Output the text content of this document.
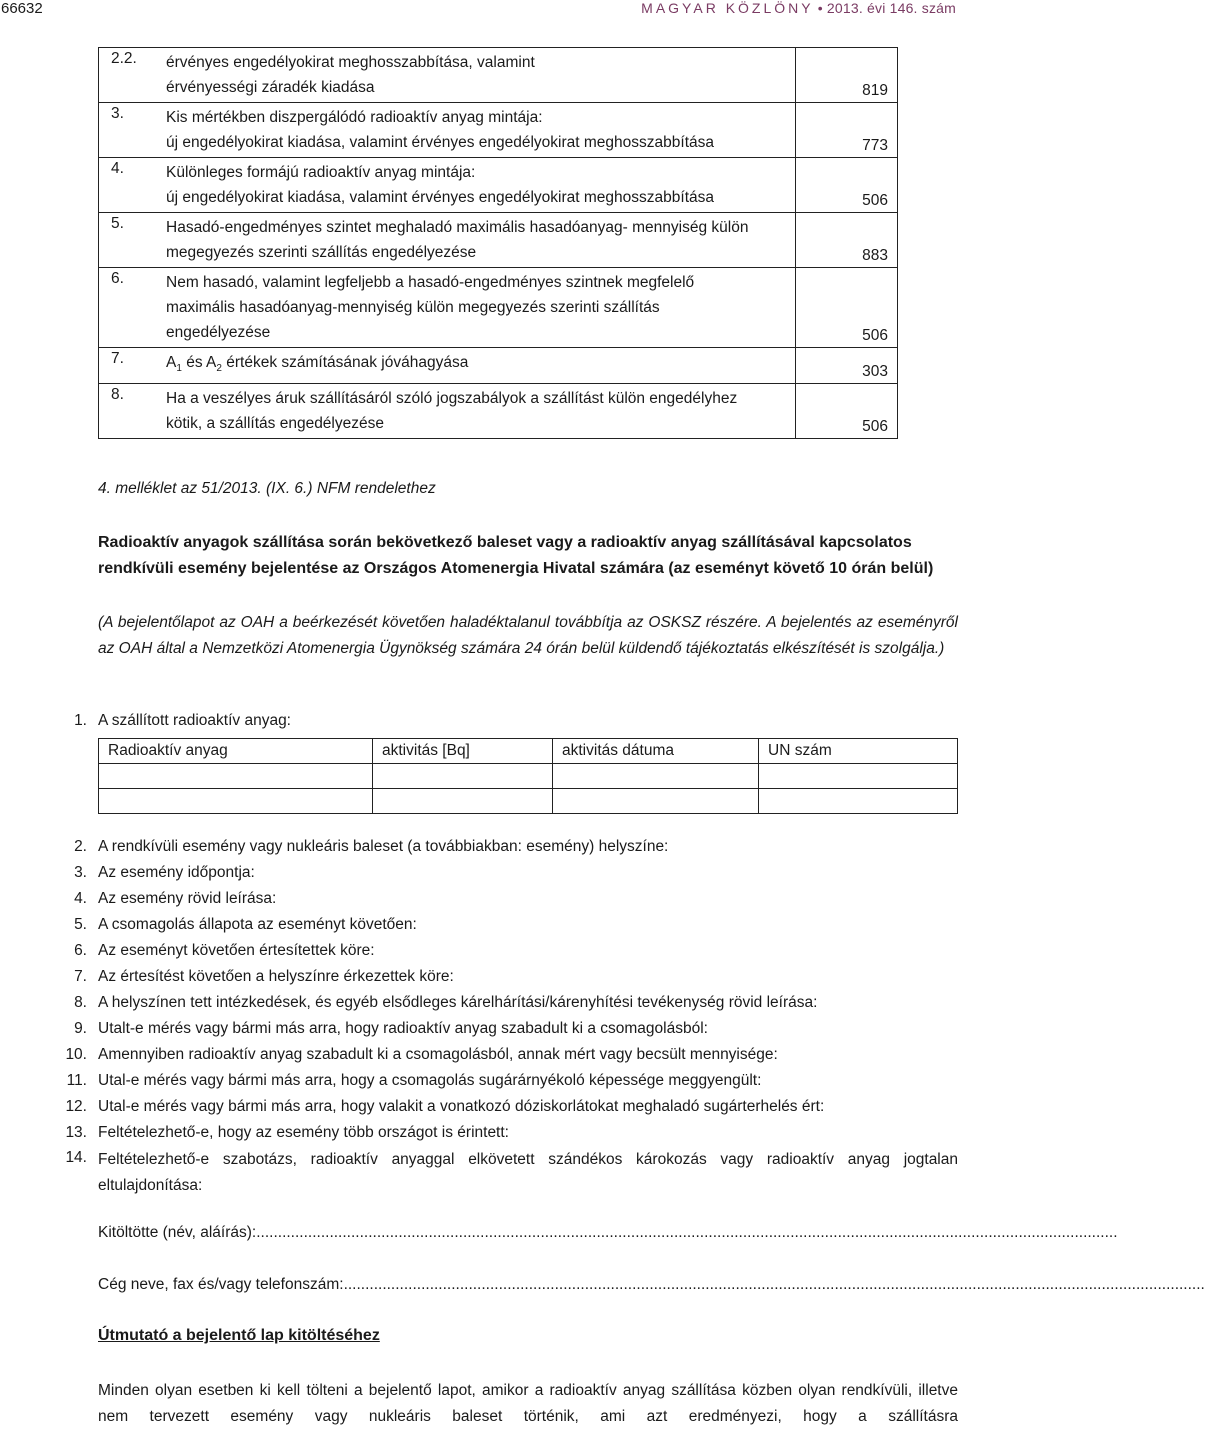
66632	MAGYAR KÖZLÖNY • 2013. évi 146. szám
2.2. érvényes engedélyokirat meghosszabbítása, valamint
érvényességi záradék kiadása	819

3. Kis mértékben diszpergálódó radioaktív anyag mintája:
új engedélyokirat kiadása, valamint érvényes engedélyokirat meghosszabbítása	773

4. Különleges formájú radioaktív anyag mintája:
új engedélyokirat kiadása, valamint érvényes engedélyokirat meghosszabbítása	506

5. Hasadó-engedményes szintet meghaladó maximális hasadóanyag- mennyiség külön
megegyezés szerinti szállítás engedélyezése	883

6. Nem hasadó, valamint legfeljebb a hasadó-engedményes szintnek megfelelő
maximális hasadóanyag-mennyiség külön megegyezés szerinti szállítás
engedélyezése	506

7. $A_1$ és $A_2$ értékek számításának jóváhagyása	303

8. Ha a veszélyes áruk szállításáról szóló jogszabályok a szállítást külön engedélyhez
kötik, a szállítás engedélyezése	506
4. melléklet az 51/2013. (IX. 6.) NFM rendelethez
Radioaktív anyagok szállítása során bekövetkező baleset vagy a radioaktív anyag szállításával kapcsolatos rendkívüli esemény bejelentése az Országos Atomenergia Hivatal számára (az eseményt követő 10 órán belül)
(A bejelentőlapot az OAH a beérkezését követően haladéktalanul továbbítja az OSKSZ részére. A bejelentés az eseményről az OAH által a Nemzetközi Atomenergia Ügynökség számára 24 órán belül küldendő tájékoztatás elkészítését is szolgálja.)
1. A szállított radioaktív anyag:
2. A rendkívüli esemény vagy nukleáris baleset (a továbbiakban: esemény) helyszíne:
3. Az esemény időpontja:
4. Az esemény rövid leírása:
5. A csomagolás állapota az eseményt követően:
6. Az eseményt követően értesítettek köre:
7. Az értesítést követően a helyszínre érkezettek köre:
8. A helyszínen tett intézkedések, és egyéb elsődleges kárelhárítási/kárenyhítési tevékenység rövid leírása:
9. Utalt-e mérés vagy bármi más arra, hogy radioaktív anyag szabadult ki a csomagolásból:
10. Amennyiben radioaktív anyag szabadult ki a csomagolásból, annak mért vagy becsült mennyisége:
11. Utal-e mérés vagy bármi más arra, hogy a csomagolás sugárárnyékoló képessége meggyengült:
12. Utal-e mérés vagy bármi más arra, hogy valakit a vonatkozó dóziskorlátokat meghaladó sugárterhelés ért:
13. Feltételezhető-e, hogy az esemény több országot is érintett:
14. Feltételezhető-e szabotázs, radioaktív anyaggal elkövetett szándékos károkozás vagy radioaktív anyag jogtalan eltulajdonítása:
Radioaktív anyag	aktivitás [Bq]	aktivitás dátuma	UN szám

Kitöltötte (név, aláírás):........................................................................................................................................................................................................
Cég neve, fax és/vagy telefonszám:........................................................................................................................................................................................................
Útmutató a bejelentő lap kitöltéséhez
Minden olyan esetben ki kell tölteni a bejelentő lapot, amikor a radioaktív anyag szállítása közben olyan rendkívüli, illetve nem tervezett esemény vagy nukleáris baleset történik, ami azt eredményezi, hogy a szállításra
